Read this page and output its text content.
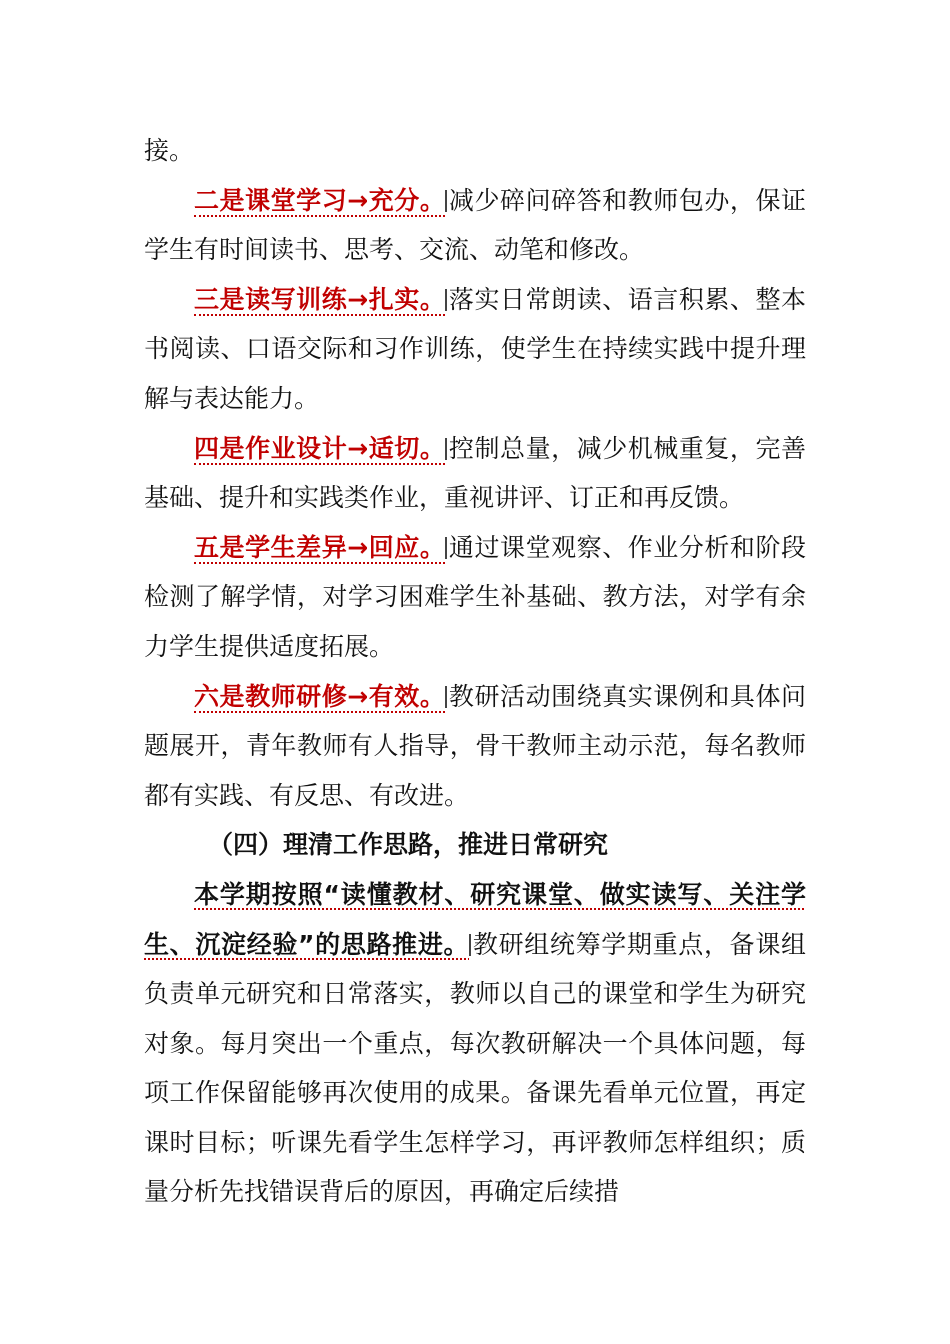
接。

二是课堂学习→充分。 减少碎问碎答和教师包办，保证学生有时间读书、思考、交流、动笔和修改。

三是读写训练→扎实。 落实日常朗读、语言积累、整本书阅读、口语交际和习作训练，使学生在持续实践中提升理解与表达能力。

四是作业设计→适切。 控制总量，减少机械重复，完善基础、提升和实践类作业，重视讲评、订正和再反馈。

五是学生差异→回应。 通过课堂观察、作业分析和阶段检测了解学情，对学习困难学生补基础、教方法，对学有余力学生提供适度拓展。

六是教师研修→有效。 教研活动围绕真实课例和具体问题展开，青年教师有人指导，骨干教师主动示范，每名教师都有实践、有反思、有改进。

（四）理清工作思路，推进日常研究

本学期按照“读懂教材、研究课堂、做实读写、关注学生、沉淀经验”的思路推进。 教研组统筹学期重点，备课组负责单元研究和日常落实，教师以自己的课堂和学生为研究对象。每月突出一个重点，每次教研解决一个具体问题，每项工作保留能够再次使用的成果。备课先看单元位置，再定课时目标；听课先看学生怎样学习，再评教师怎样组织；质量分析先找错误背后的原因，再确定后续措
